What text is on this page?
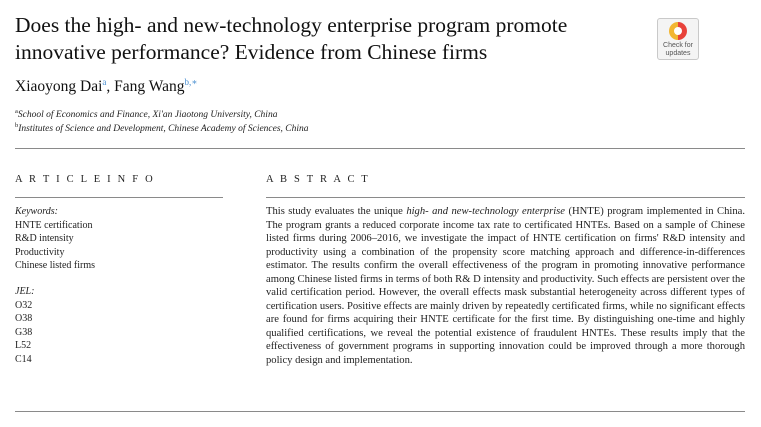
Does the high- and new-technology enterprise program promote innovative performance? Evidence from Chinese firms	Check for
updates
Xiaoyong Dai$^a$, Fang Wang$^{b,∗}$
$^a$School of Economics and Finance, Xi'an Jiaotong University, China
$^b$Institutes of Science and Development, Chinese Academy of Sciences, China
A R T I C L E I N F O	A B S T R A C T
Keywords:
HNTE certification
R&D intensity
Productivity
Chinese listed firms
JEL:
O32
O38
G38
L52
C14
This study evaluates the unique high- and new-technology enterprise (HNTE) program implemented in China. The program grants a reduced corporate income tax rate to certificated HNTEs. Based on a sample of Chinese listed firms during 2006–2016, we investigate the impact of HNTE certification on firms' R&D intensity and productivity using a combination of the propensity score matching approach and difference-in-differences estimator. The results confirm the overall effectiveness of the program in promoting innovative performance among Chinese listed firms in terms of both R& D intensity and productivity. Such effects are persistent over the valid certification period. However, the overall effects mask substantial heterogeneity across different types of certification users. Positive effects are mainly driven by repeatedly certificated firms, while no significant effects are found for firms acquiring their HNTE certificate for the first time. By distinguishing one-time and highly qualified certifications, we reveal the potential existence of fraudulent HNTEs. These results imply that the effectiveness of government programs in supporting innovation could be improved through a more thorough policy design and implementation.
